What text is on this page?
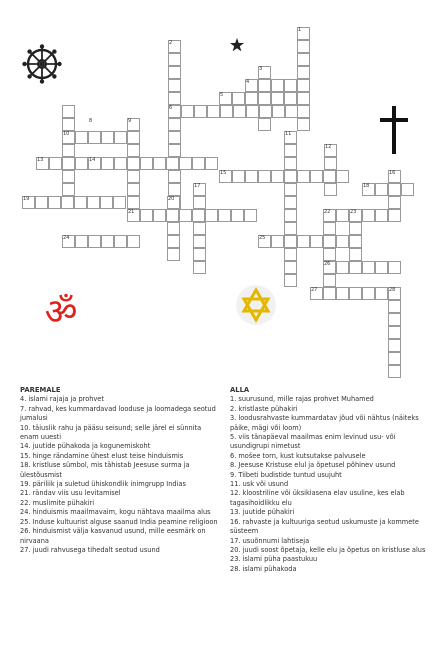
ॐ
1
2
3
4
5
6
8	9
10	11
12
13	14
15	16
17	18
19	20
21	22	23
24	25
26
27	28
PAREMALE

4. islami rajaja ja prohvet

7. rahvad, kes kummardavad looduse ja loomadega seotud jumalusi

10. täiuslik rahu ja pääsu seisund; selle järel ei sünnita enam uuesti

14. juutide pühakoda ja kogunemiskoht

15. hinge rändamine ühest elust teise hinduismis

18. kristluse sümbol, mis tähistab Jeesuse surma ja ülestõusmist

19. päriliik ja suletud ühiskondlik inimgrupp Indias

21. rändav viis usu levitamisel

22. muslimite pühakiri

24. hinduismis maailmavaim, kogu nähtava maailma alus

25. Induse kultuurist alguse saanud India peamine religioon

26. hinduismist välja kasvanud usund, mille eesmärk on nirvaana

27. juudi rahvusega tihedalt seotud usund

ALLA

1. suurusund, mille rajas prohvet Muhamed

2. kristlaste pühakiri

3. loodusrahvaste kummardatav jõud või nähtus (näiteks päike, mägi või loom)

5. viis tänapäeval maailmas enim levinud usu- või usundigrupi nimetust

6. mošee torn, kust kutsutakse palvusele

8. Jeesuse Kristuse elul ja õpetusel põhinev usund

9. Tiibeti budistide tuntud usujuht

11. usk või usund

12. kloostriline või üksikiasena elav usuline, kes elab tagasihoidlikku elu

13. juutide pühakiri

16. rahvaste ja kultuuriga seotud uskumuste ja kommete süsteem

17. usuõnnumi lahtiseja

20. juudi soost õpetaja, kelle elu ja õpetus on kristluse alus

23. islami püha paastukuu

28. islami pühakoda
